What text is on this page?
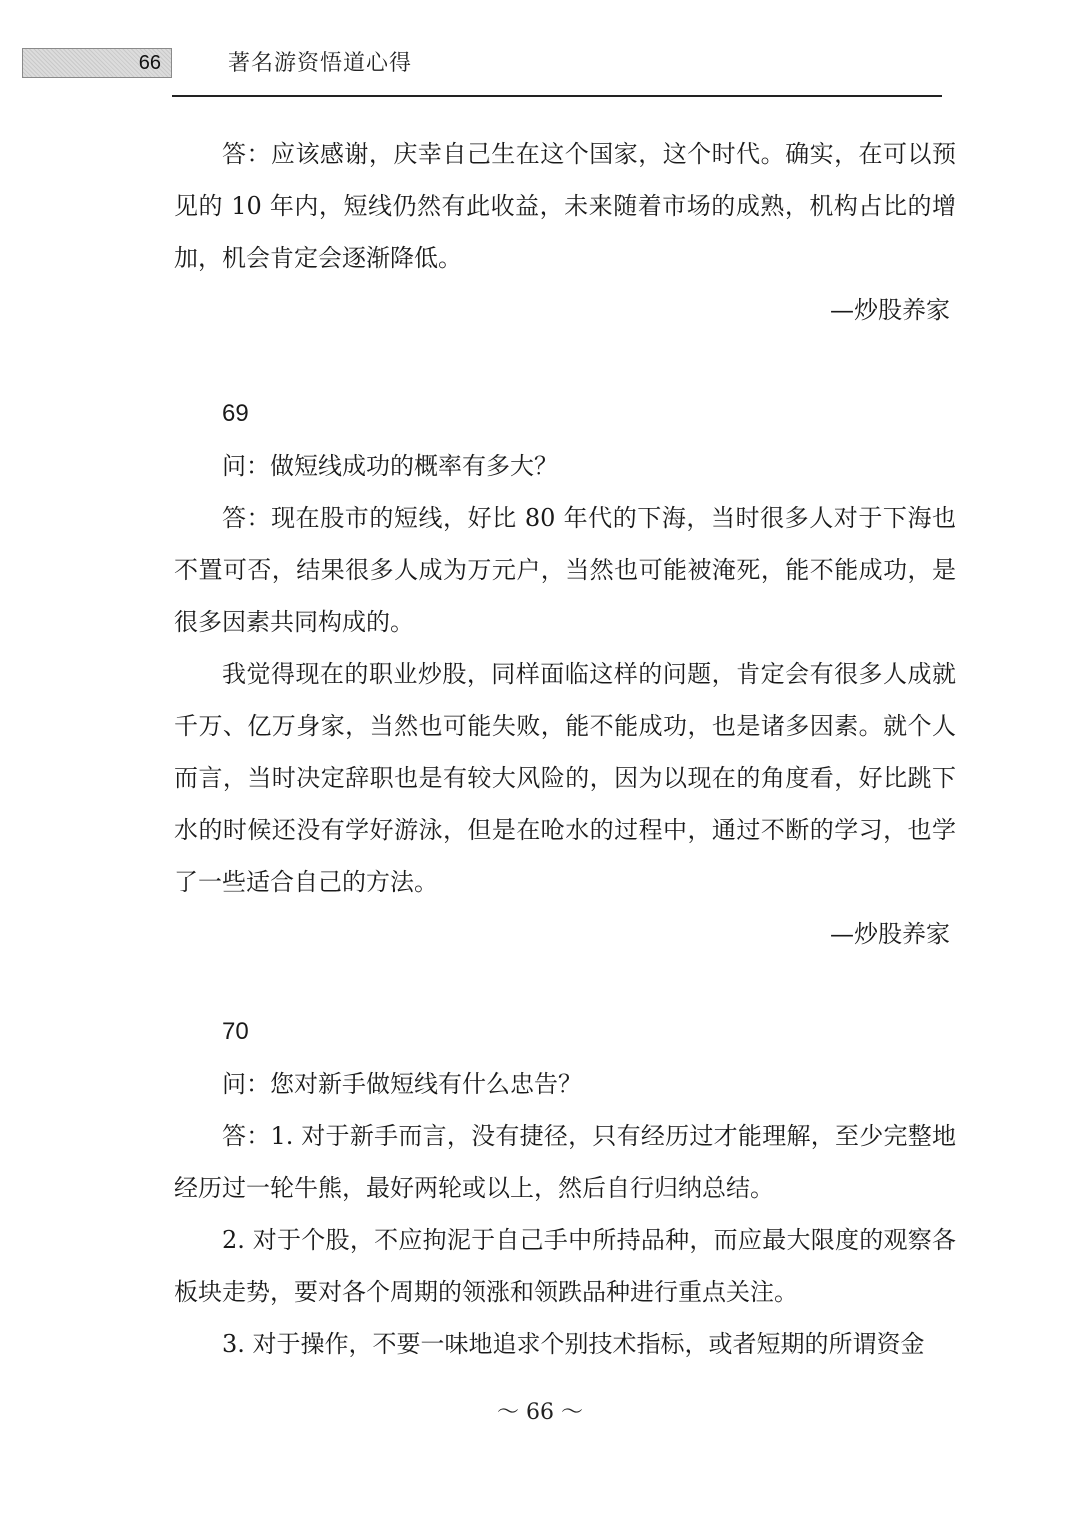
66	著名游资悟道心得

答：应该感谢，庆幸自己生在这个国家，这个时代。确实，在可以预见的 10 年内，短线仍然有此收益，未来随着市场的成熟，机构占比的增加，机会肯定会逐渐降低。

—炒股养家
69

问：做短线成功的概率有多大？

答：现在股市的短线，好比 80 年代的下海，当时很多人对于下海也不置可否，结果很多人成为万元户，当然也可能被淹死，能不能成功，是很多因素共同构成的。

我觉得现在的职业炒股，同样面临这样的问题，肯定会有很多人成就千万、亿万身家，当然也可能失败，能不能成功，也是诸多因素。就个人而言，当时决定辞职也是有较大风险的，因为以现在的角度看，好比跳下水的时候还没有学好游泳，但是在呛水的过程中，通过不断的学习，也学了一些适合自己的方法。

—炒股养家
70

问：您对新手做短线有什么忠告？

答：1. 对于新手而言，没有捷径，只有经历过才能理解，至少完整地经历过一轮牛熊，最好两轮或以上，然后自行归纳总结。

2. 对于个股，不应拘泥于自己手中所持品种，而应最大限度的观察各板块走势，要对各个周期的领涨和领跌品种进行重点关注。

3. 对于操作，不要一味地追求个别技术指标，或者短期的所谓资金

～ 66 ～
